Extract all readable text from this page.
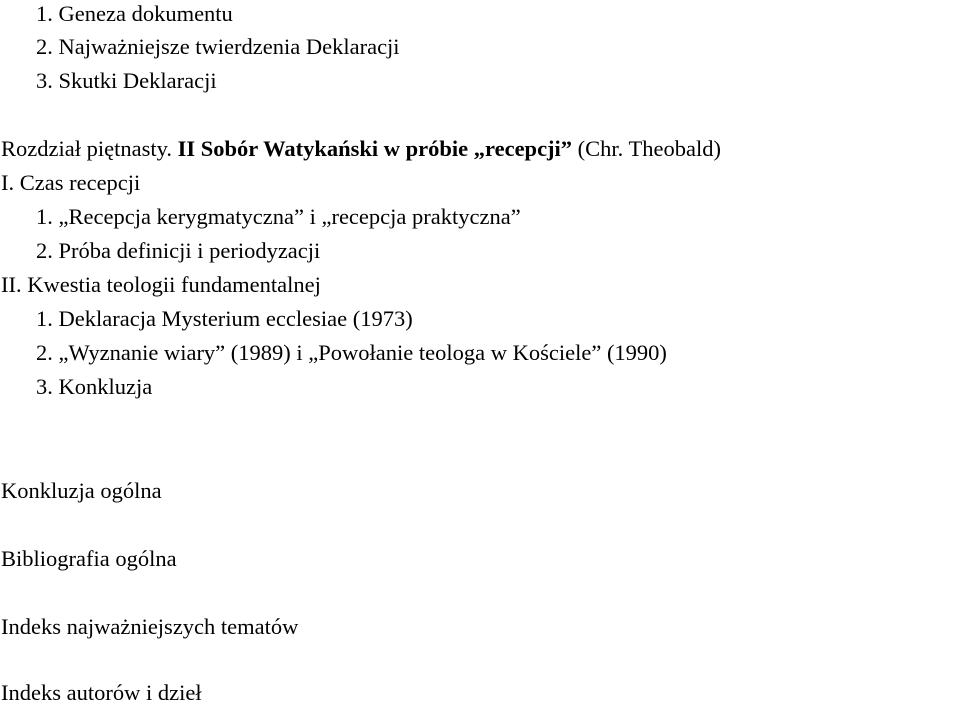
1. Geneza dokumentu
2. Najważniejsze twierdzenia Deklaracji
3. Skutki Deklaracji
Rozdział piętnasty. II Sobór Watykański w próbie „recepcji” (Chr. Theobald)
I. Czas recepcji
1. „Recepcja kerygmatyczna” i „recepcja praktyczna”
2. Próba definicji i periodyzacji
II. Kwestia teologii fundamentalnej
1. Deklaracja Mysterium ecclesiae (1973)
2. „Wyznanie wiary” (1989) i „Powołanie teologa w Kościele” (1990)
3. Konkluzja
Konkluzja ogólna
Bibliografia ogólna
Indeks najważniejszych tematów
Indeks autorów i dzieł
